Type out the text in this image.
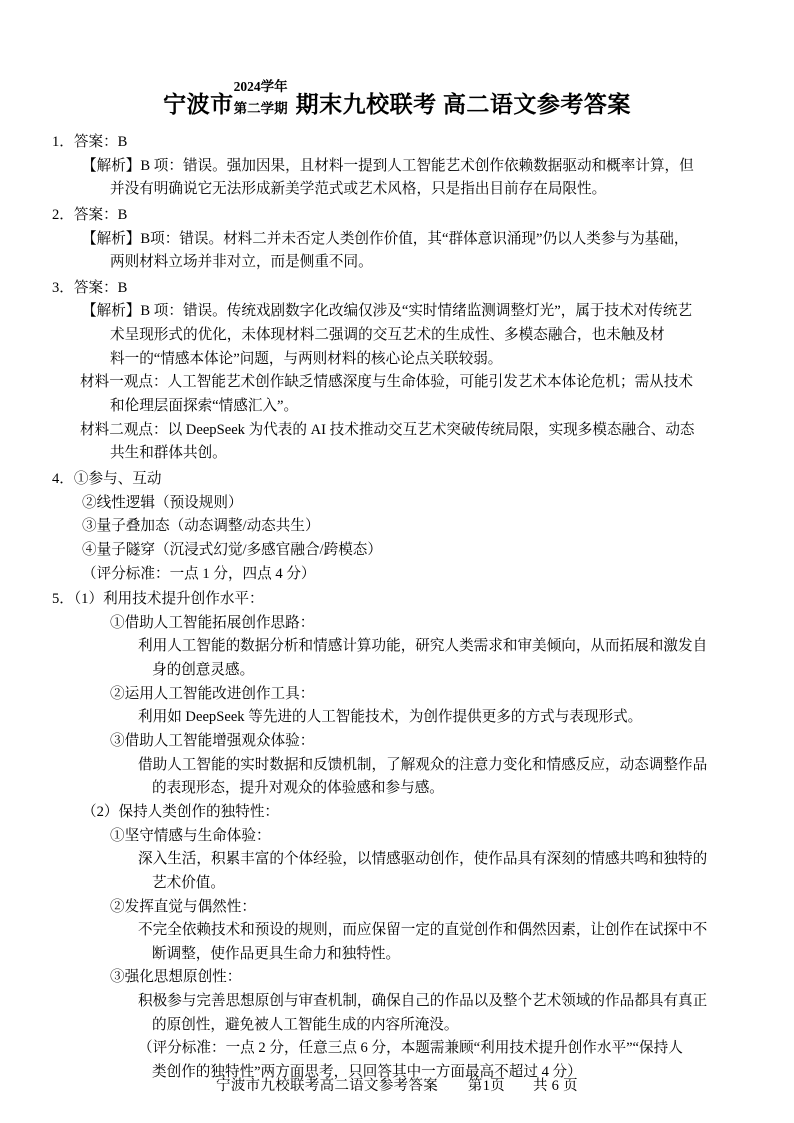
宁波市
2024学年
第二学期 期末九校联考 高二语文参考答案
1．答案：B
【解析】B 项：错误。强加因果，且材料一提到人工智能艺术创作依赖数据驱动和概率计算，但
并没有明确说它无法形成新美学范式或艺术风格，只是指出目前存在局限性。
2．答案：B
【解析】B项：错误。材料二并未否定人类创作价值，其“群体意识涌现”仍以人类参与为基础，
两则材料立场并非对立，而是侧重不同。
3．答案：B
【解析】B 项：错误。传统戏剧数字化改编仅涉及“实时情绪监测调整灯光”，属于技术对传统艺
术呈现形式的优化，未体现材料二强调的交互艺术的生成性、多模态融合，也未触及材
料一的“情感本体论”问题，与两则材料的核心论点关联较弱。
材料一观点：人工智能艺术创作缺乏情感深度与生命体验，可能引发艺术本体论危机；需从技术
和伦理层面探索“情感汇入”。
材料二观点：以 DeepSeek 为代表的 AI 技术推动交互艺术突破传统局限，实现多模态融合、动态
共生和群体共创。
4．①参与、互动
②线性逻辑（预设规则）
③量子叠加态（动态调整/动态共生）
④量子隧穿（沉浸式幻觉/多感官融合/跨模态）
（评分标准：一点 1 分，四点 4 分）
5．（1）利用技术提升创作水平：
①借助人工智能拓展创作思路：
利用人工智能的数据分析和情感计算功能，研究人类需求和审美倾向，从而拓展和激发自
身的创意灵感。
②运用人工智能改进创作工具：
利用如 DeepSeek 等先进的人工智能技术，为创作提供更多的方式与表现形式。
③借助人工智能增强观众体验：
借助人工智能的实时数据和反馈机制，了解观众的注意力变化和情感反应，动态调整作品
的表现形态，提升对观众的体验感和参与感。
（2）保持人类创作的独特性：
①坚守情感与生命体验：
深入生活，积累丰富的个体经验，以情感驱动创作，使作品具有深刻的情感共鸣和独特的
艺术价值。
②发挥直觉与偶然性：
不完全依赖技术和预设的规则，而应保留一定的直觉创作和偶然因素，让创作在试探中不
断调整，使作品更具生命力和独特性。
③强化思想原创性：
积极参与完善思想原创与审查机制，确保自己的作品以及整个艺术领域的作品都具有真正
的原创性，避免被人工智能生成的内容所淹没。
（评分标准：一点 2 分，任意三点 6 分，本题需兼顾“利用技术提升创作水平”“保持人
类创作的独特性”两方面思考，只回答其中一方面最高不超过 4 分）
宁波市九校联考高二语文参考答案 第1页 共 6 页
